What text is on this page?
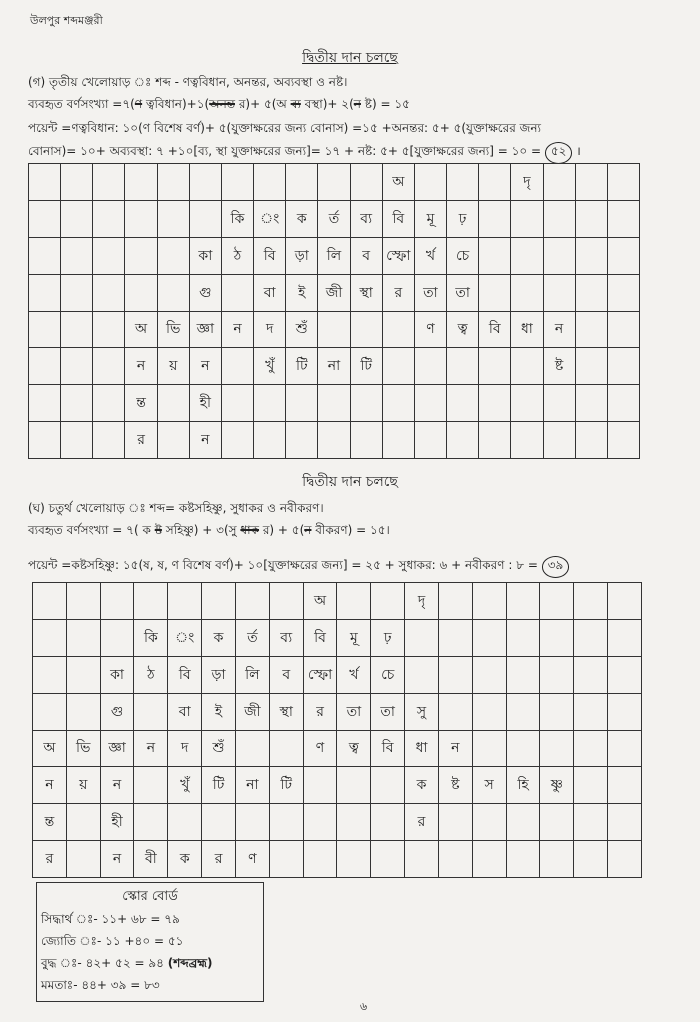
উলপুর শব্দমঞ্জরী
দ্বিতীয় দান চলছে
(গ) তৃতীয় খেলোয়াড় ঃ শব্দ - ণত্ববিধান, অনন্তর, অব্যবস্থা ও নষ্ট।
ব্যবহৃত বর্ণসংখ্যা =৭(ণ ত্ববিধান)+১(অনন্ত র)+ ৫(অ ব্য বস্থা)+ ২(ন ষ্ট) = ১৫
পয়েন্ট =ণত্ববিধান: ১০(ণ বিশেষ বর্ণ)+ ৫(যুক্তাক্ষরের জন্য বোনাস) =১৫ +অনন্তর: ৫+ ৫(যুক্তাক্ষরের জন্য
বোনাস)= ১০+ অব্যবস্থা: ৭ +১০[ব্য, স্থা যুক্তাক্ষরের জন্য]= ১৭ + নষ্ট: ৫+ ৫[যুক্তাক্ষরের জন্য] = ১০ = ৫২ ।
											অ				দৃ			
						কি	ং	ক	র্ত	ব্য	বি	মূ	ঢ়					
					কা	ঠ	বি	ড়া	লি	ব	স্ফো	র্খ	চে					
					গু		বা	ই	জী	স্থা	র	তা	তা					
			অ	ভি	জ্ঞা	ন	দ	শুঁ				ণ	ত্ব	বি	ধা	ন		
			ন	য়	ন		খুঁ	টি	না	টি						ষ্ট		
			ন্ত		হী													
			র		ন													
দ্বিতীয় দান চলছে
(ঘ) চতুর্থ খেলোয়াড় ঃ শব্দ= কষ্টসহিষ্ণু, সুধাকর ও নবীকরণ।
ব্যবহৃত বর্ণসংখ্যা = ৭( ক ষ্ট সহিষ্ণু) + ৩(সু ধাক র) + ৫(ন বীকরণ) = ১৫।
পয়েন্ট =কষ্টসহিষ্ণু: ১৫(ষ, ষ, ণ বিশেষ বর্ণ)+ ১০[যুক্তাক্ষরের জন্য] = ২৫ + সুধাকর: ৬ + নবীকরণ : ৮ = ৩৯
								অ			দৃ						
			কি	ং	ক	র্ত	ব্য	বি	মূ	ঢ়							
		কা	ঠ	বি	ড়া	লি	ব	স্ফো	র্খ	চে							
		গু		বা	ই	জী	স্থা	র	তা	তা	সু						
অ	ভি	জ্ঞা	ন	দ	শুঁ			ণ	ত্ব	বি	ধা	ন					
ন	য়	ন		খুঁ	টি	না	টি				ক	ষ্ট	স	হি	ষ্ণু		
ন্ত		হী									র						
র		ন	বী	ক	র	ণ											
স্কোর বোর্ড
সিদ্ধার্থ ঃ- ১১+ ৬৮ = ৭৯
জ্যোতি ঃ- ১১ +৪০ = ৫১
বুদ্ধ ঃ- ৪২+ ৫২ = ৯৪ (শব্দব্রহ্ম)
মমতাঃ- ৪৪+ ৩৯ = ৮৩
৬
